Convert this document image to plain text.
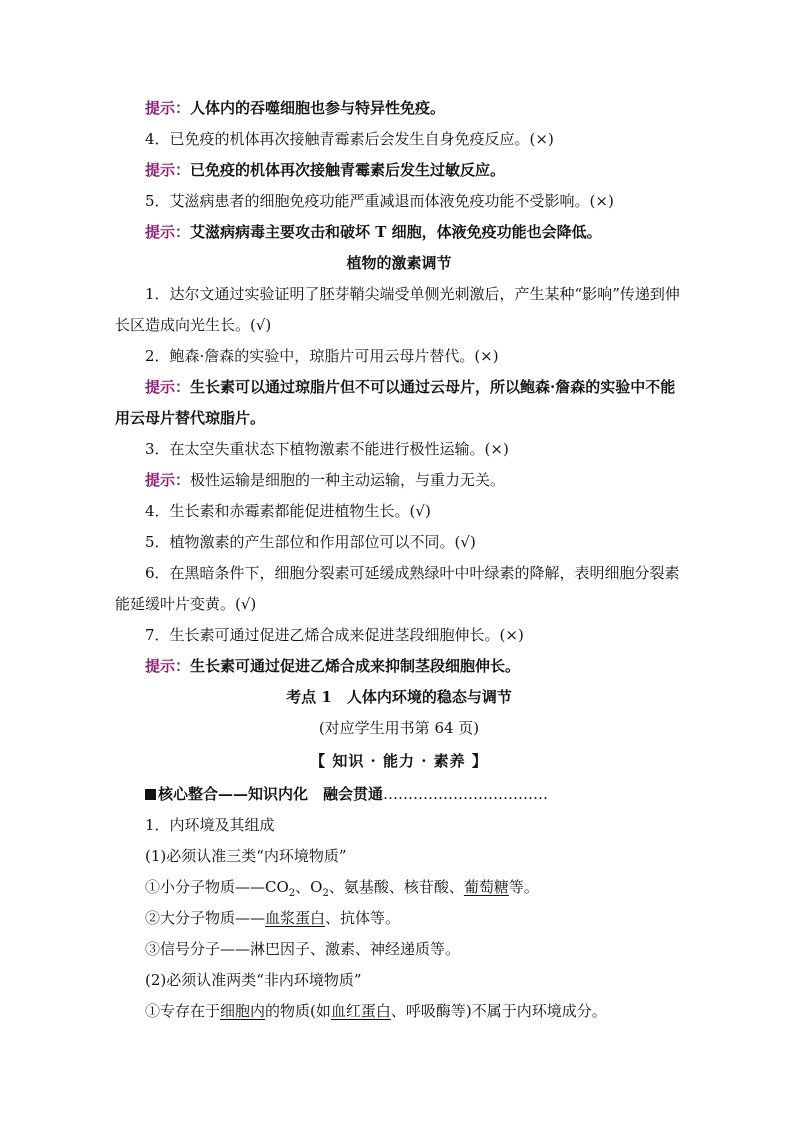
提示：人体内的吞噬细胞也参与特异性免疫。

4．已免疫的机体再次接触青霉素后会发生自身免疫反应。(×)

提示：已免疫的机体再次接触青霉素后发生过敏反应。

5．艾滋病患者的细胞免疫功能严重减退而体液免疫功能不受影响。(×)

提示：艾滋病病毒主要攻击和破坏 T 细胞，体液免疫功能也会降低。

植物的激素调节

1．达尔文通过实验证明了胚芽鞘尖端受单侧光刺激后，产生某种“影响”传递到伸长区造成向光生长。(√)

2．鲍森·詹森的实验中，琼脂片可用云母片替代。(×)

提示：生长素可以通过琼脂片但不可以通过云母片，所以鲍森·詹森的实验中不能用云母片替代琼脂片。

3．在太空失重状态下植物激素不能进行极性运输。(×)

提示：极性运输是细胞的一种主动运输，与重力无关。

4．生长素和赤霉素都能促进植物生长。(√)

5．植物激素的产生部位和作用部位可以不同。(√)

6．在黑暗条件下，细胞分裂素可延缓成熟绿叶中叶绿素的降解，表明细胞分裂素能延缓叶片变黄。(√)

7．生长素可通过促进乙烯合成来促进茎段细胞伸长。(×)

提示：生长素可通过促进乙烯合成来抑制茎段细胞伸长。

考点 1　人体内环境的稳态与调节

(对应学生用书第 64 页)

【 知识 · 能力 · 素养 】

核心整合——知识内化　融会贯通……………………………

1．内环境及其组成

(1)必须认准三类“内环境物质”

①小分子物质$——CO_2$、$O_2$、氨基酸、核苷酸、葡萄糖等。

②大分子物质——血浆蛋白、抗体等。

③信号分子——淋巴因子、激素、神经递质等。

(2)必须认准两类“非内环境物质”

①专存在于细胞内的物质(如血红蛋白、呼吸酶等)不属于内环境成分。
